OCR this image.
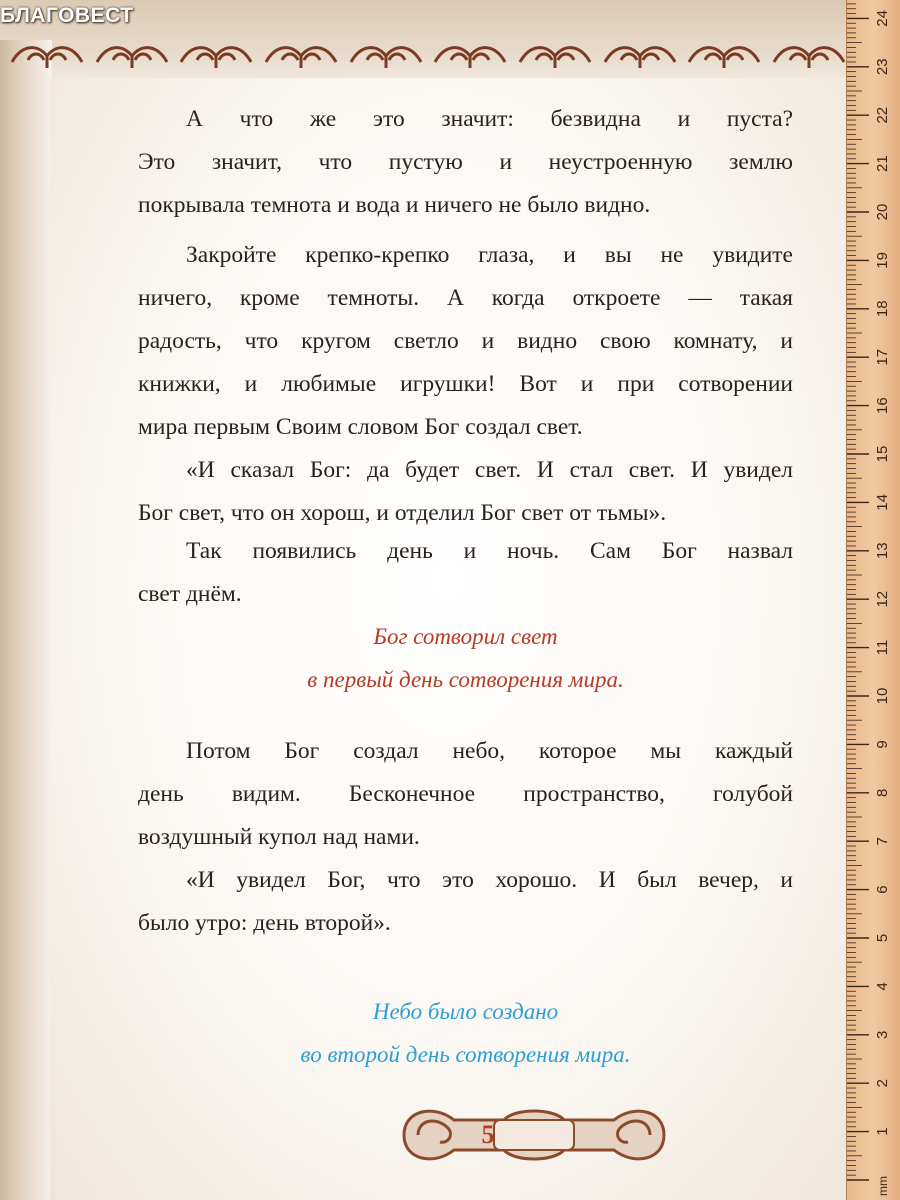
БЛАГОВЕСТ
А что же это значит: безвидна и пуста?
Это значит, что пустую и неустроенную землю
покрывала темнота и вода и ничего не было видно.
Закройте крепко-крепко глаза, и вы не увидите
ничего, кроме темноты. А когда откроете — такая
радость, что кругом светло и видно свою комнату, и
книжки, и любимые игрушки! Вот и при сотворении
мира первым Своим словом Бог создал свет.
«И сказал Бог: да будет свет. И стал свет. И увидел
Бог свет, что он хорош, и отделил Бог свет от тьмы».
Так появились день и ночь. Сам Бог назвал
свет днём.
Бог сотворил свет
в первый день сотворения мира.
Потом Бог создал небо, которое мы каждый
день видим. Бесконечное пространство, голубой
воздушный купол над нами.
«И увидел Бог, что это хорошо. И был вечер, и
было утро: день второй».
Небо было создано
во второй день сотворения мира.
5	1
2
3
4
5
6
7
8
9
10
11
12
13
14
15
16
17
18
19
20
21
22
23
24
mm
